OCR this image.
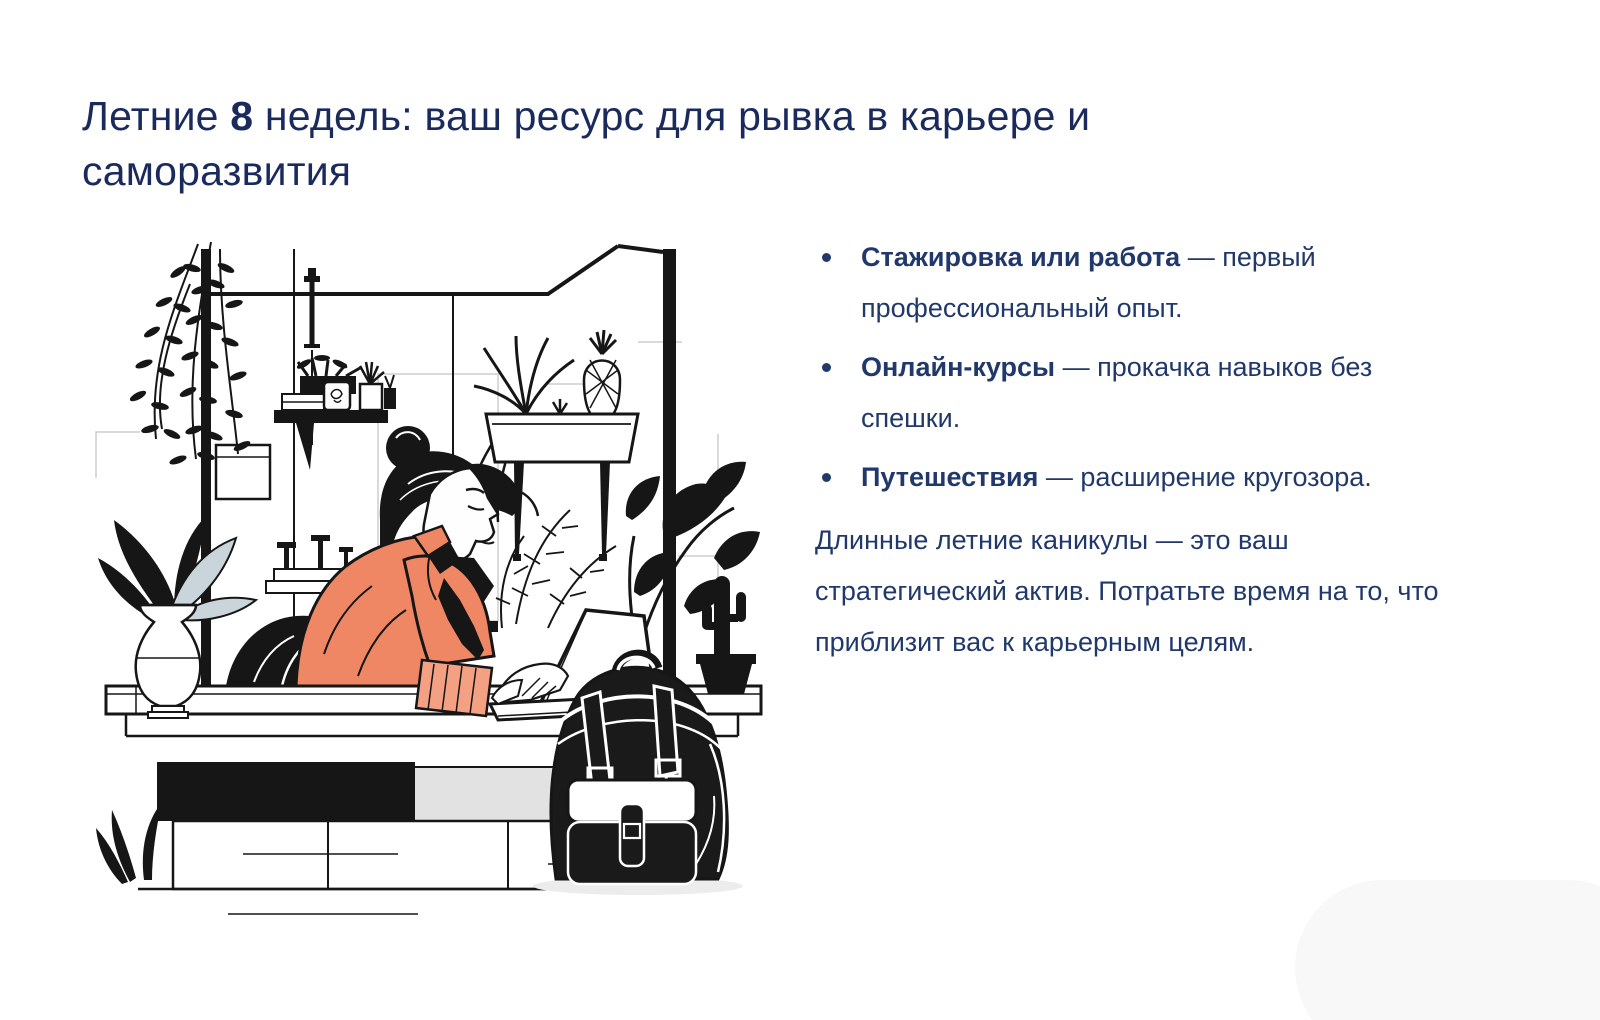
Летние 8 недель: ваш ресурс для рывка в карьере и саморазвития
Стажировка или работа — первый профессиональный опыт.
Онлайн-курсы — прокачка навыков без спешки.
Путешествия — расширение кругозора.

Длинные летние каникулы — это ваш стратегический актив. Потратьте время на то, что приблизит вас к карьерным целям.
